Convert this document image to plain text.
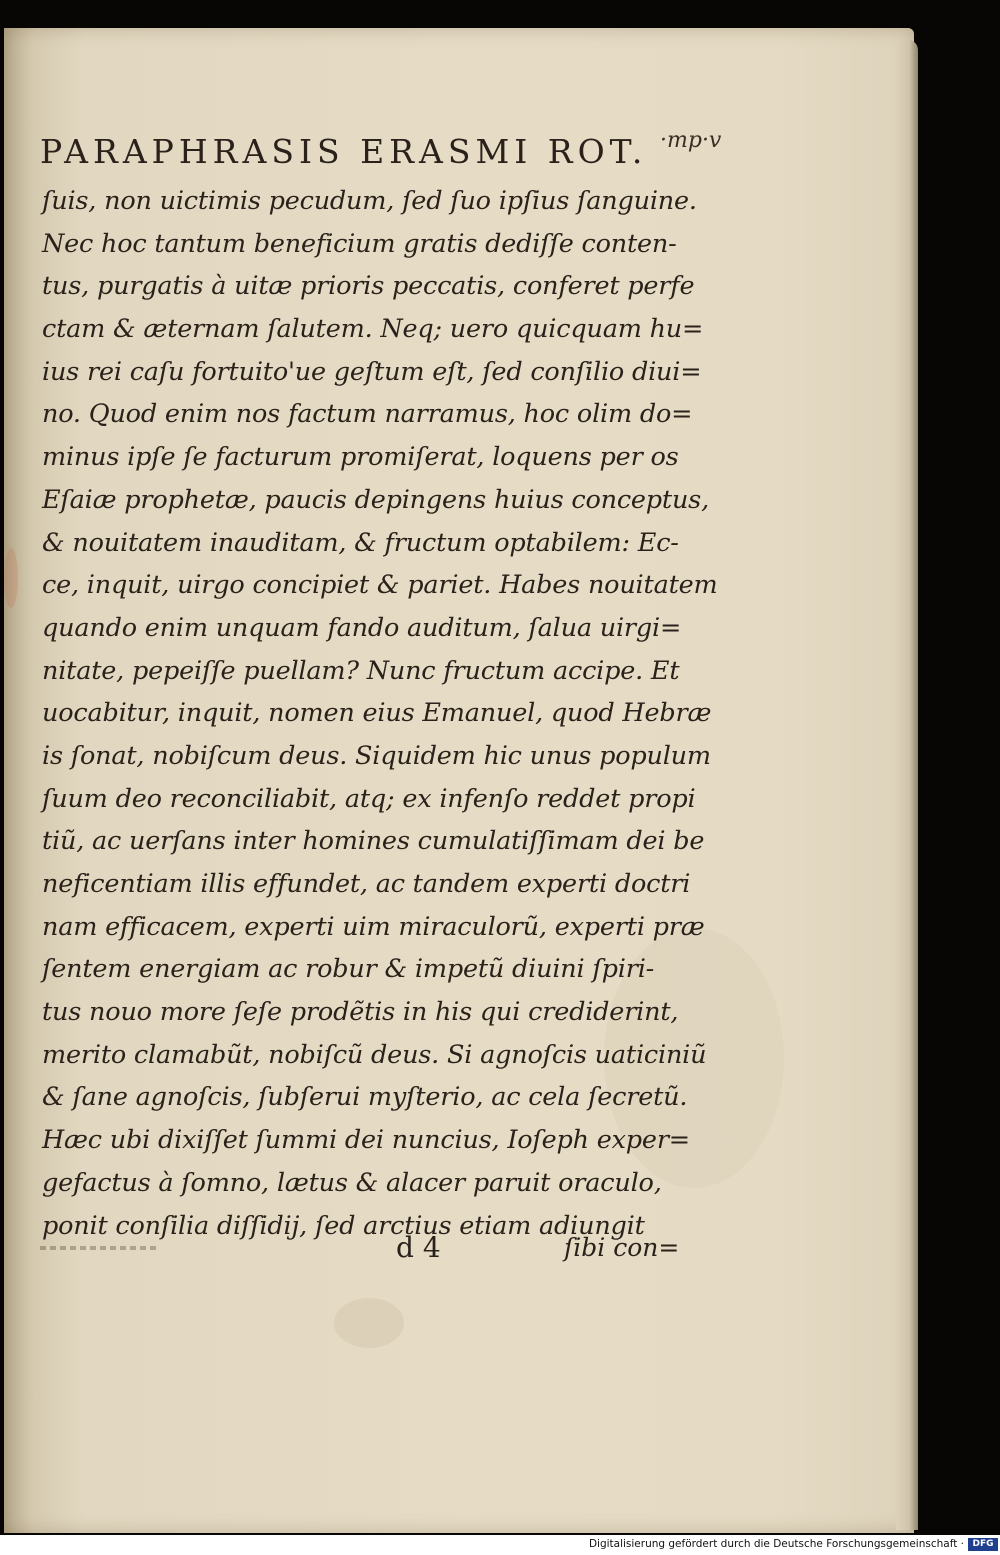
PARAPHRASIS ERASMI ROT. ·mp·v
ſuis, non uictimis pecudum, ſed ſuo ipſius ſanguine.
Nec hoc tantum beneficium gratis dediſſe conten-
tus, purgatis à uitæ prioris peccatis, conferet perfe
ctam & æternam ſalutem. Neq; uero quicquam hu=
ius rei caſu fortuito'ue geſtum eſt, ſed conſilio diui=
no. Quod enim nos factum narramus, hoc olim do=
minus ipſe ſe facturum promiſerat, loquens per os
Eſaiæ prophetæ, paucis depingens huius conceptus,
& nouitatem inauditam, & fructum optabilem: Ec-
ce, inquit, uirgo concipiet & pariet. Habes nouitatem
quando enim unquam fando auditum, ſalua uirgi=
nitate, pepeiſſe puellam? Nunc fructum accipe. Et
uocabitur, inquit, nomen eius Emanuel, quod Hebræ
is ſonat, nobiſcum deus. Siquidem hic unus populum
ſuum deo reconciliabit, atq; ex infenſo reddet propi
tiũ, ac uerſans inter homines cumulatiſſimam dei be
neficentiam illis effundet, ac tandem experti doctri
nam efficacem, experti uim miraculorũ, experti præ
ſentem energiam ac robur & impetũ diuini ſpiri-
tus nouo more ſeſe prodẽtis in his qui crediderint,
merito clamabũt, nobiſcũ deus. Si agnoſcis uaticiniũ
& ſane agnoſcis, ſubſerui myſterio, ac cela ſecretũ.
Hæc ubi dixiſſet ſummi dei nuncius, Ioſeph exper=
gefactus à ſomno, lætus & alacer paruit oraculo,
ponit conſilia diſſidij, ſed arctius etiam adiungit
d 4	ſibi con=
Digitalisierung gefördert durch die Deutsche Forschungsgemeinschaft · DFG
